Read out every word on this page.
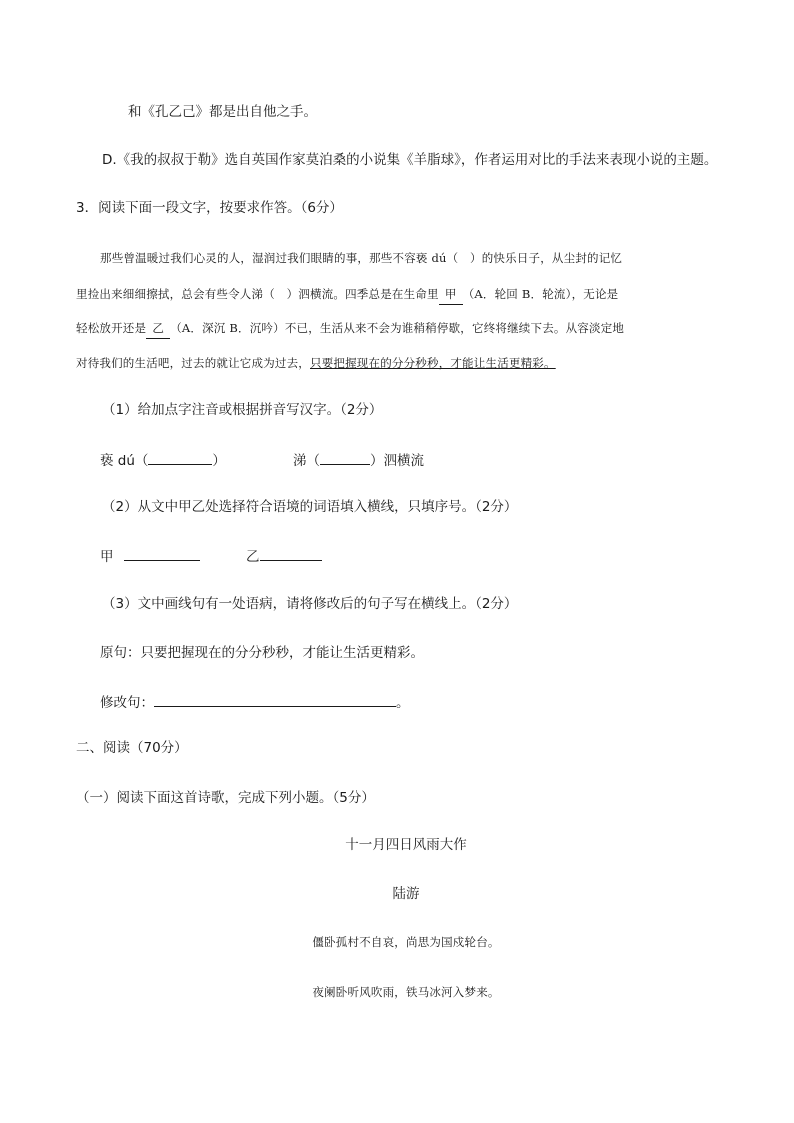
和《孔乙己》都是出自他之手。
D.《我的叔叔于勒》选自英国作家莫泊桑的小说集《羊脂球》，作者运用对比的手法来表现小说的主题。
3．阅读下面一段文字，按要求作答。（6分）
那些曾温暖过我们心灵的人，湿润过我们眼睛的事，那些不容亵 dú（　）的快乐日子，从尘封的记忆
里捡出来细细擦拭，总会有些令人涕（　）泗横流。四季总是在生命里 甲 （A．轮回 B．轮流），无论是
轻松放开还是 乙 （A．深沉 B．沉吟）不已，生活从来不会为谁稍稍停歇，它终将继续下去。从容淡定地
对待我们的生活吧，过去的就让它成为过去，只要把握现在的分分秒秒，才能让生活更精彩。
（1）给加点字注音或根据拼音写汉字。（2分）
亵 dú（	）	涕（	）泗横流
（2）从文中甲乙处选择符合语境的词语填入横线，只填序号。（2分）
甲	乙
（3）文中画线句有一处语病，请将修改后的句子写在横线上。（2分）
原句：只要把握现在的分分秒秒，才能让生活更精彩。
修改句：	。
二、阅读（70分）
（一）阅读下面这首诗歌，完成下列小题。（5分）
十一月四日风雨大作
陆游
僵卧孤村不自哀，尚思为国戍轮台。
夜阑卧听风吹雨，铁马冰河入梦来。
